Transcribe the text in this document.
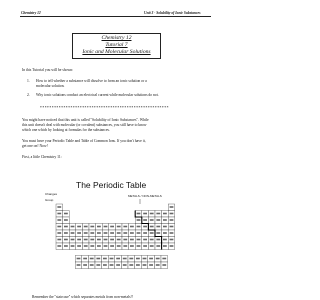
Chemistry 12	Unit 3 - Solubility of Ionic Substances
Chemistry 12
Tutorial 7
Ionic and Molecular Solutions
In this Tutorial you will be shown:
1. How to tell whether a substance will dissolve to form an ionic solution or a
molecular solution.
2. Why ionic solutions conduct an electrical current while molecular solutions do not.
*******************************************************
You might have noticed that this unit is called "Solubility of Ionic Substances". While
this unit doesn't deal with molecular (or covalent) substances, you still have to know
which one which by looking at formulas for the substances.
You must have your Periodic Table and Table of Common Ions. If you don't have it,
get one on! Now!
First, a little Chemistry 11:
The Periodic Table
Changes
Group
METALS / NON-METALS
Remember the "staircase" which separates metals from non-metals!!
